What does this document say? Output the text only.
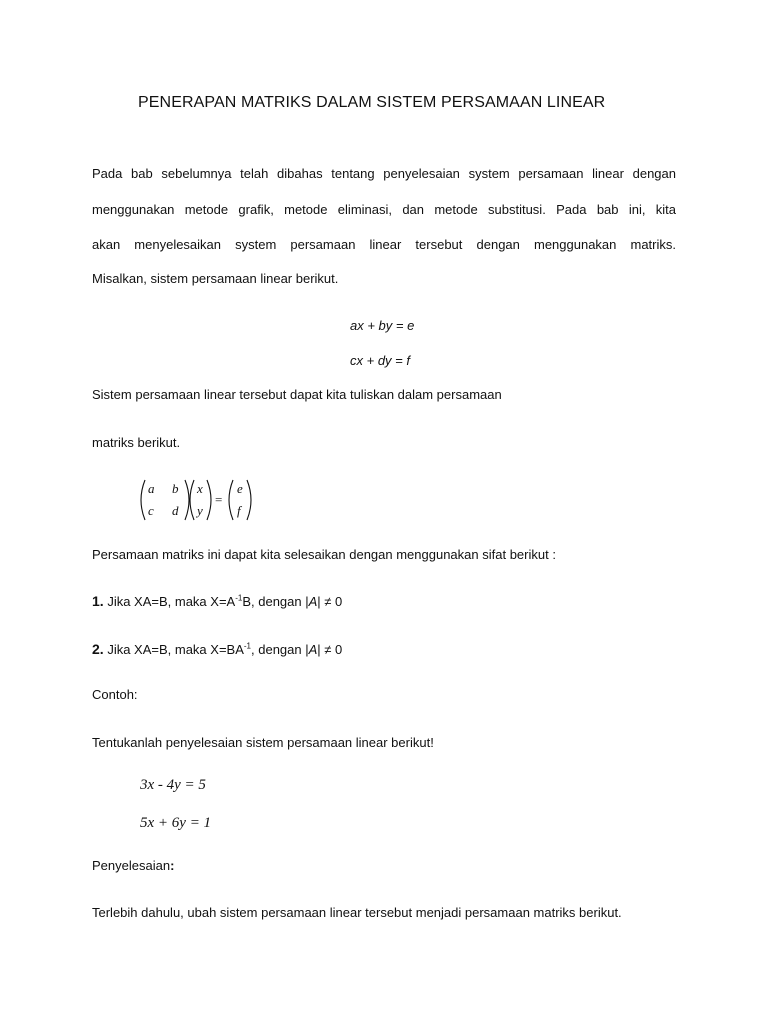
PENERAPAN MATRIKS DALAM SISTEM PERSAMAAN LINEAR
Pada bab sebelumnya telah dibahas tentang penyelesaian system persamaan linear dengan
menggunakan metode grafik, metode eliminasi, dan metode substitusi. Pada bab ini, kita
akan menyelesaikan system persamaan linear tersebut dengan menggunakan matriks.
Misalkan, sistem persamaan linear berikut.
ax + by = e
cx + dy = f
Sistem persamaan linear tersebut dapat kita tuliskan dalam persamaan
matriks berikut.
a b
c d
x
y
=
e
f
Persamaan matriks ini dapat kita selesaikan dengan menggunakan sifat berikut :
1. Jika XA=B, maka $X=A^{-1}B$, dengan |A| ≠ 0
2. Jika XA=B, maka $X=BA^{-1}$, dengan |A| ≠ 0
Contoh:
Tentukanlah penyelesaian sistem persamaan linear berikut!
3x - 4y = 5
5x + 6y = 1
Penyelesaian:
Terlebih dahulu, ubah sistem persamaan linear tersebut menjadi persamaan matriks berikut.
